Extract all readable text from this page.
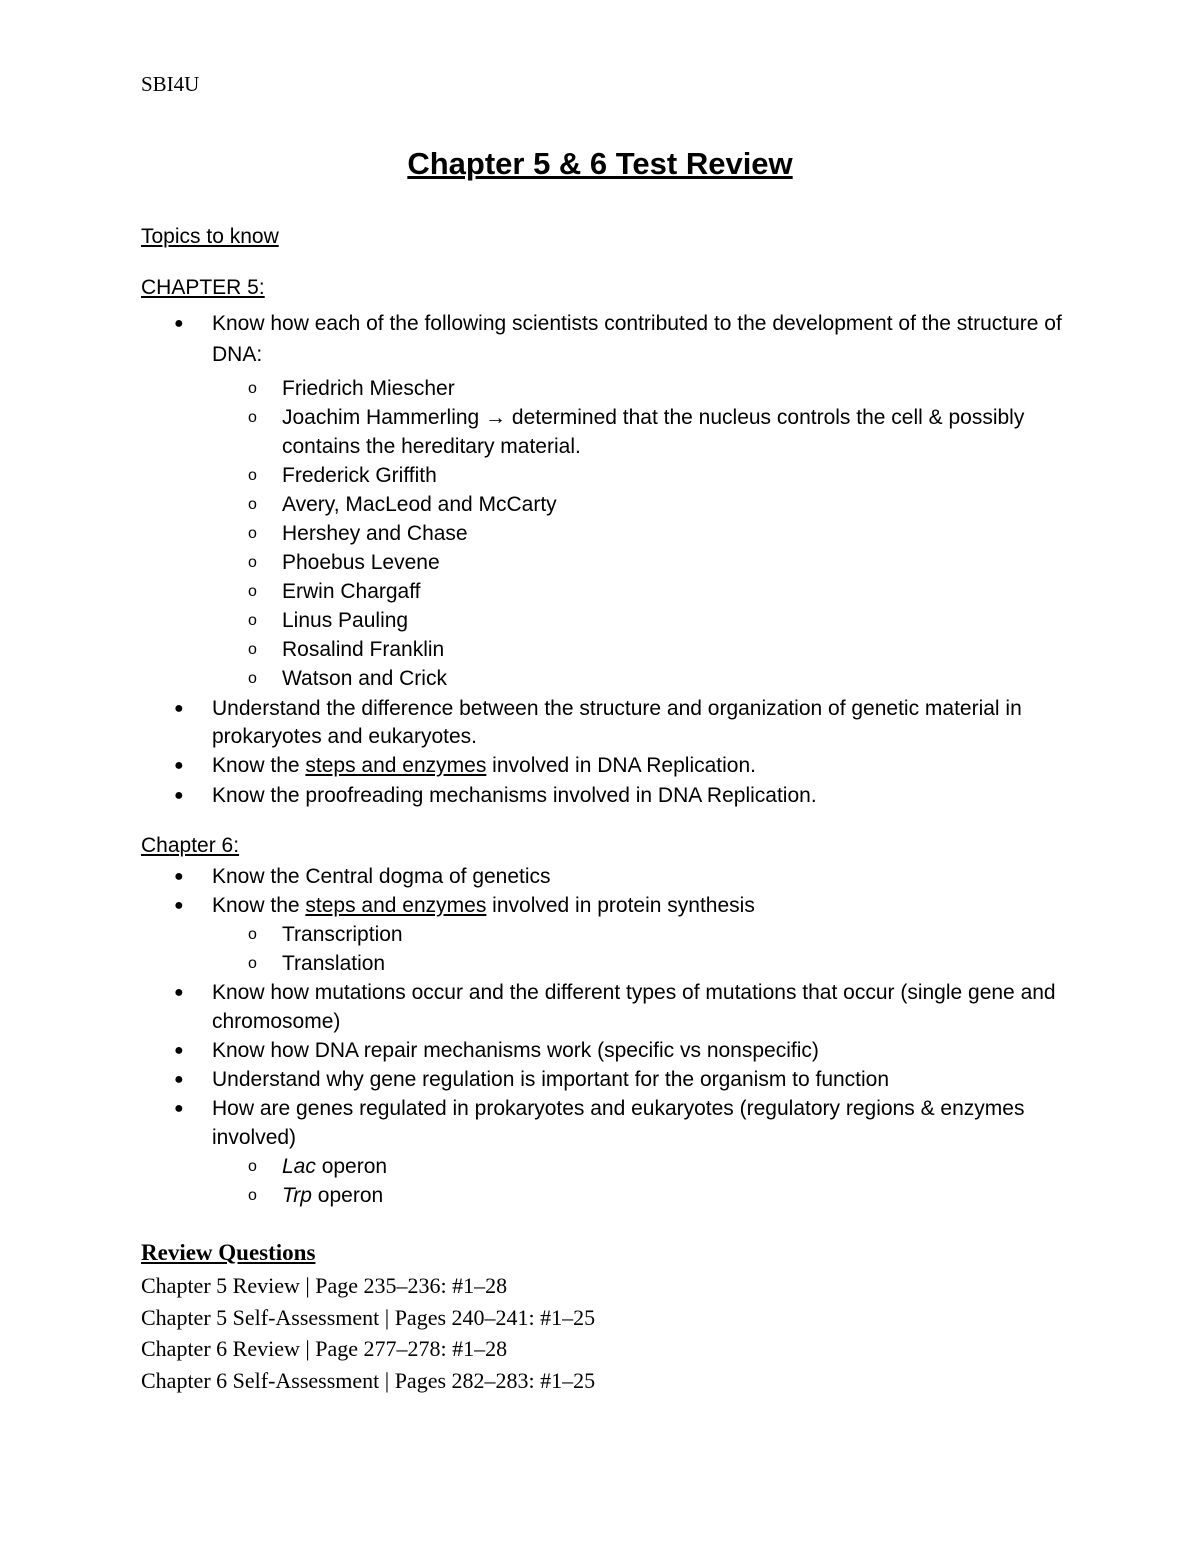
SBI4U
Chapter 5 & 6 Test Review
Topics to know
CHAPTER 5:
● Know how each of the following scientists contributed to the development of the structure of DNA:
o Friedrich Miescher
o Joachim Hammerling → determined that the nucleus controls the cell & possibly contains the hereditary material.
o Frederick Griffith
o Avery, MacLeod and McCarty
o Hershey and Chase
o Phoebus Levene
o Erwin Chargaff
o Linus Pauling
o Rosalind Franklin
o Watson and Crick
● Understand the difference between the structure and organization of genetic material in prokaryotes and eukaryotes.
● Know the steps and enzymes involved in DNA Replication.
● Know the proofreading mechanisms involved in DNA Replication.
Chapter 6:
● Know the Central dogma of genetics
● Know the steps and enzymes involved in protein synthesis
o Transcription
o Translation
● Know how mutations occur and the different types of mutations that occur (single gene and chromosome)
● Know how DNA repair mechanisms work (specific vs nonspecific)
● Understand why gene regulation is important for the organism to function
● How are genes regulated in prokaryotes and eukaryotes (regulatory regions & enzymes involved)
o Lac operon
o Trp operon
Review Questions
Chapter 5 Review | Page 235–236: #1–28
Chapter 5 Self-Assessment | Pages 240–241: #1–25
Chapter 6 Review | Page 277–278: #1–28
Chapter 6 Self-Assessment | Pages 282–283: #1–25
